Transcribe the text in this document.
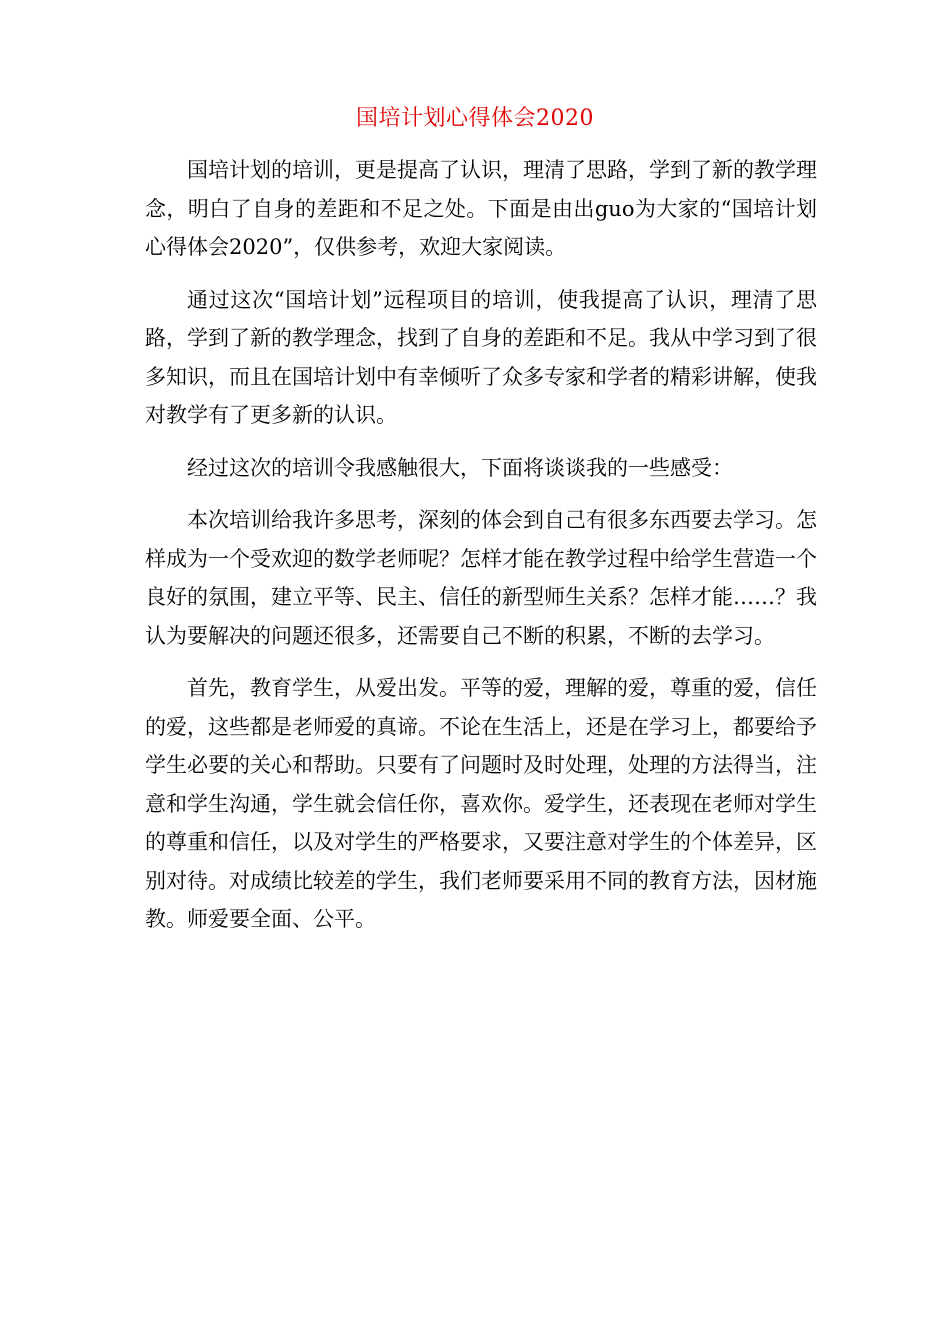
国培计划心得体会2020

国培计划的培训，更是提高了认识，理清了思路，学到了新的教学理念，明白了自身的差距和不足之处。下面是由出guo为大家的“国培计划心得体会2020”，仅供参考，欢迎大家阅读。

通过这次“国培计划”远程项目的培训，使我提高了认识，理清了思路，学到了新的教学理念，找到了自身的差距和不足。我从中学习到了很多知识，而且在国培计划中有幸倾听了众多专家和学者的精彩讲解，使我对教学有了更多新的认识。

经过这次的培训令我感触很大，下面将谈谈我的一些感受：

本次培训给我许多思考，深刻的体会到自己有很多东西要去学习。怎样成为一个受欢迎的数学老师呢？怎样才能在教学过程中给学生营造一个良好的氛围，建立平等、民主、信任的新型师生关系？怎样才能……？我认为要解决的问题还很多，还需要自己不断的积累，不断的去学习。

首先，教育学生，从爱出发。平等的爱，理解的爱，尊重的爱，信任的爱，这些都是老师爱的真谛。不论在生活上，还是在学习上，都要给予学生必要的关心和帮助。只要有了问题时及时处理，处理的方法得当，注意和学生沟通，学生就会信任你，喜欢你。爱学生，还表现在老师对学生的尊重和信任，以及对学生的严格要求，又要注意对学生的个体差异，区别对待。对成绩比较差的学生，我们老师要采用不同的教育方法，因材施教。师爱要全面、公平。
